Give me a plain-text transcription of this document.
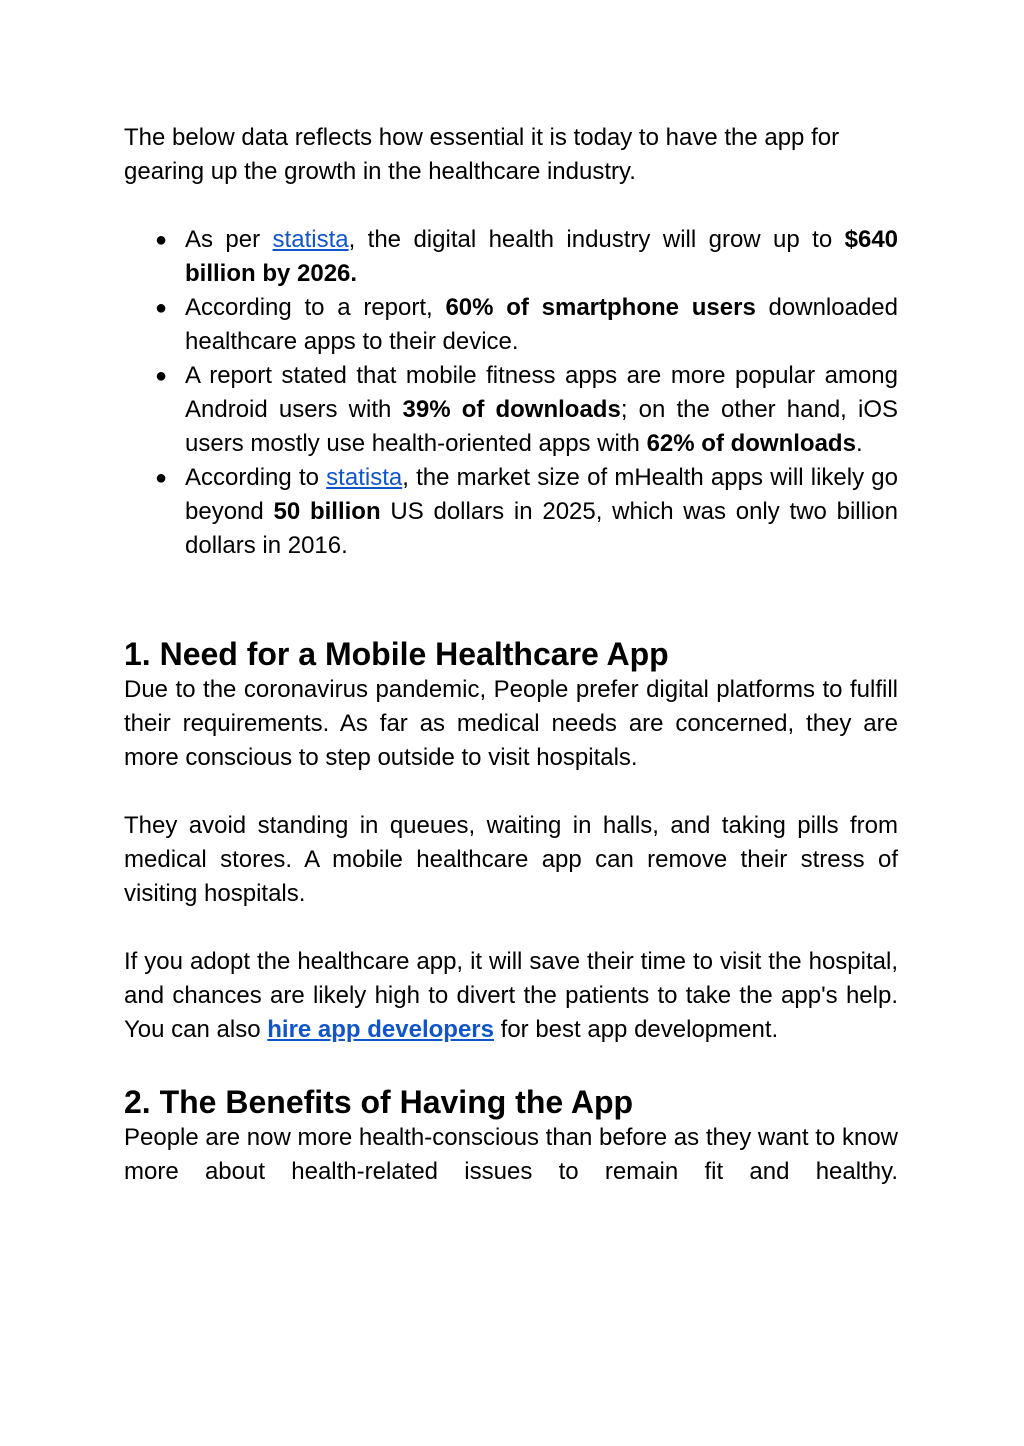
The below data reflects how essential it is today to have the app for gearing up the growth in the healthcare industry.

● As per statista, the digital health industry will grow up to $640 billion by 2026.
● According to a report, 60% of smartphone users downloaded healthcare apps to their device.
● A report stated that mobile fitness apps are more popular among Android users with 39% of downloads; on the other hand, iOS users mostly use health-oriented apps with 62% of downloads.
● According to statista, the market size of mHealth apps will likely go beyond 50 billion US dollars in 2025, which was only two billion dollars in 2016.
1. Need for a Mobile Healthcare App

Due to the coronavirus pandemic, People prefer digital platforms to fulfill their requirements. As far as medical needs are concerned, they are more conscious to step outside to visit hospitals.

They avoid standing in queues, waiting in halls, and taking pills from medical stores. A mobile healthcare app can remove their stress of visiting hospitals.

If you adopt the healthcare app, it will save their time to visit the hospital, and chances are likely high to divert the patients to take the app's help. You can also hire app developers for best app development.

2. The Benefits of Having the App

People are now more health-conscious than before as they want to know more about health-related issues to remain fit and healthy.
